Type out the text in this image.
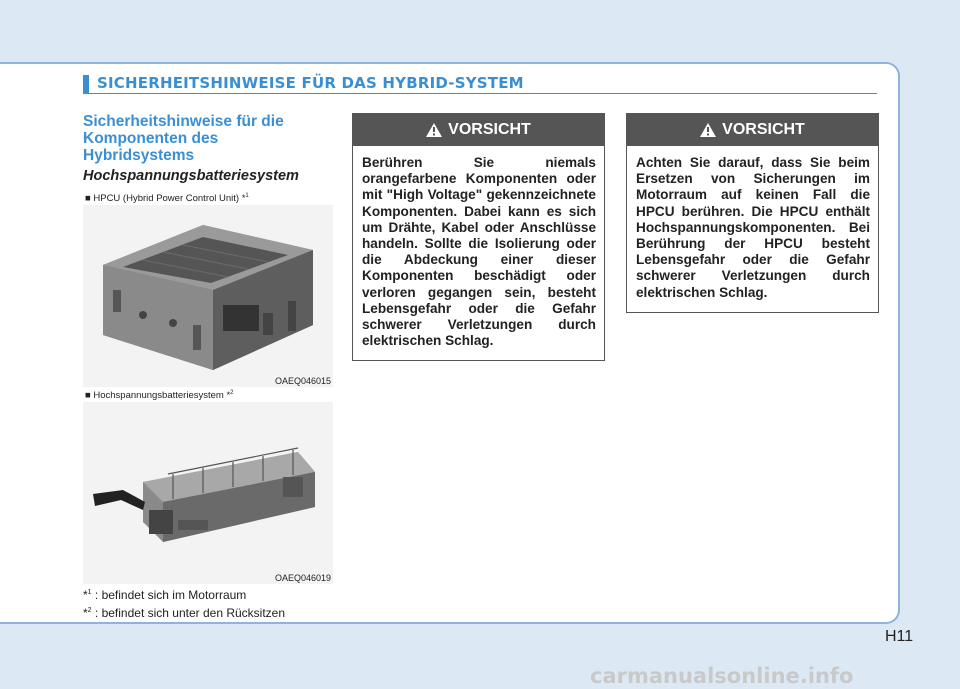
SICHERHEITSHINWEISE FÜR DAS HYBRID-SYSTEM
Sicherheitshinweise für die Komponenten des Hybridsystems
Hochspannungsbatteriesystem
■ HPCU (Hybrid Power Control Unit) *$^1$
OAEQ046015
■ Hochspannungsbatteriesystem *$^2$
OAEQ046019
*$^1$ : befindet sich im Motorraum
*$^2$ : befindet sich unter den Rücksitzen
VORSICHT
Berühren Sie niemals orangefarbene Komponenten oder mit "High Voltage" gekennzeichnete Komponenten. Dabei kann es sich um Drähte, Kabel oder Anschlüsse handeln. Sollte die Isolierung oder die Abdeckung einer dieser Komponenten beschädigt oder verloren gegangen sein, besteht Lebensgefahr oder die Gefahr schwerer Verletzungen durch elektrischen Schlag.
VORSICHT
Achten Sie darauf, dass Sie beim Ersetzen von Sicherungen im Motorraum auf keinen Fall die HPCU berühren. Die HPCU enthält Hochspannungskomponenten. Bei Berührung der HPCU besteht Lebensgefahr oder die Gefahr schwerer Verletzungen durch elektrischen Schlag.
H11
carmanualsonline.info
